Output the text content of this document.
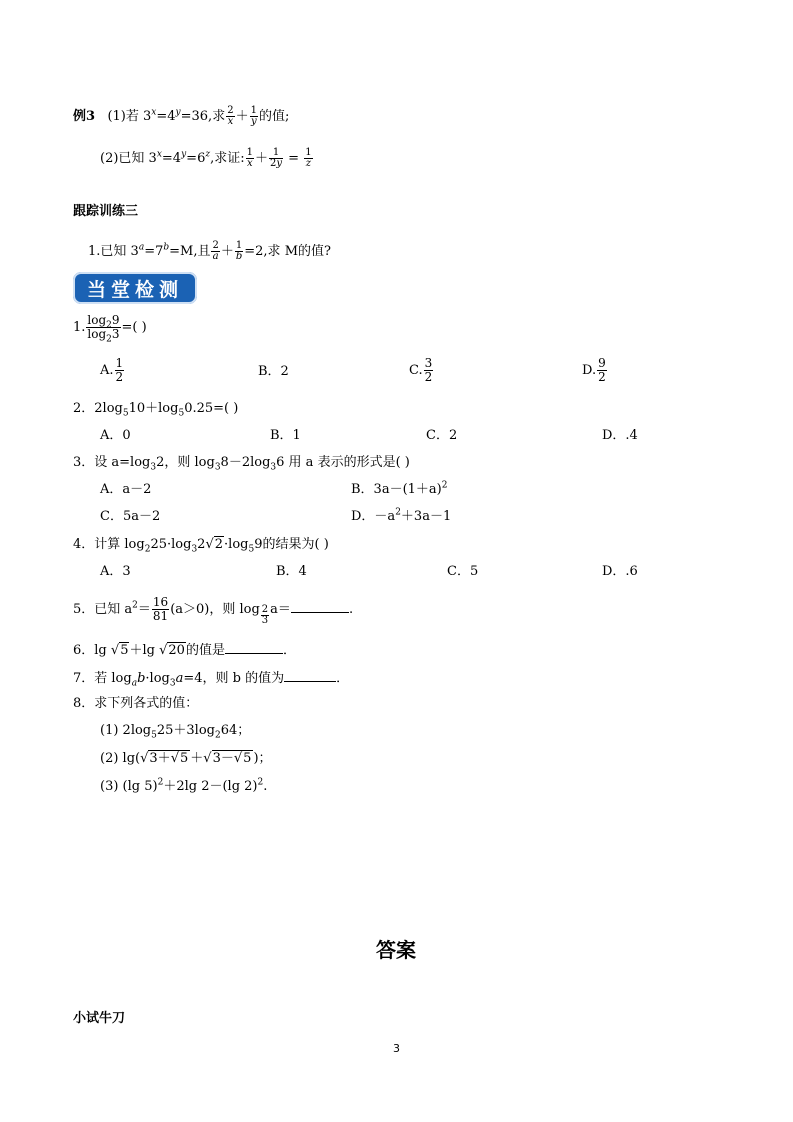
例3 (1)若 $3^x=4^y=36$,求 $\frac{2}{x} + \frac{1}{y}$ 的值;
(2)已知 $3^x=4^y=6^z$,求证: $\frac{1}{x} + \frac{1}{2y} = \frac{1}{z}$
跟踪训练三
1.已知 $3^a=7^b=M$,且 $\frac{2}{a} + \frac{1}{b} =2$,求 M的值?
当堂检测
1. $\frac{\log_29}{\log_23}$ =( )
A. $\frac{1}{2}$	B．2	C. $\frac{3}{2}$	D. $\frac{9}{2}$
2．$2\log_510+\log_50.25=$( )
A．0	B．1	C．2	D．.4
3．设 $a=\log_32$，则 $\log_38-2\log_36$ 用 a 表示的形式是( )
A．a－2	B．$3a-(1+a)^2$
C．5a－2	D．$-a^2+3a-1$
4．计算 $\log_225\cdot\log_32√2\cdot\log_59$的结果为( )
A．3	B．4	C．5	D．.6
5．已知 $a^2= \frac{16}{81} (a>0)$，则 $\log \frac{2}{3} a=$	.
6．lg √5＋lg √20的值是	．
7．若 $\log_ab\cdot\log_3a=4$，则 b 的值为	．
8．求下列各式的值：
(1) $2\log_525+3\log_264$；
(2) lg(√3＋√5 ＋√3－√5 )；
(3) (lg 5)$^2$＋2lg 2－(lg 2)$^2$.
答案
小试牛刀
3
